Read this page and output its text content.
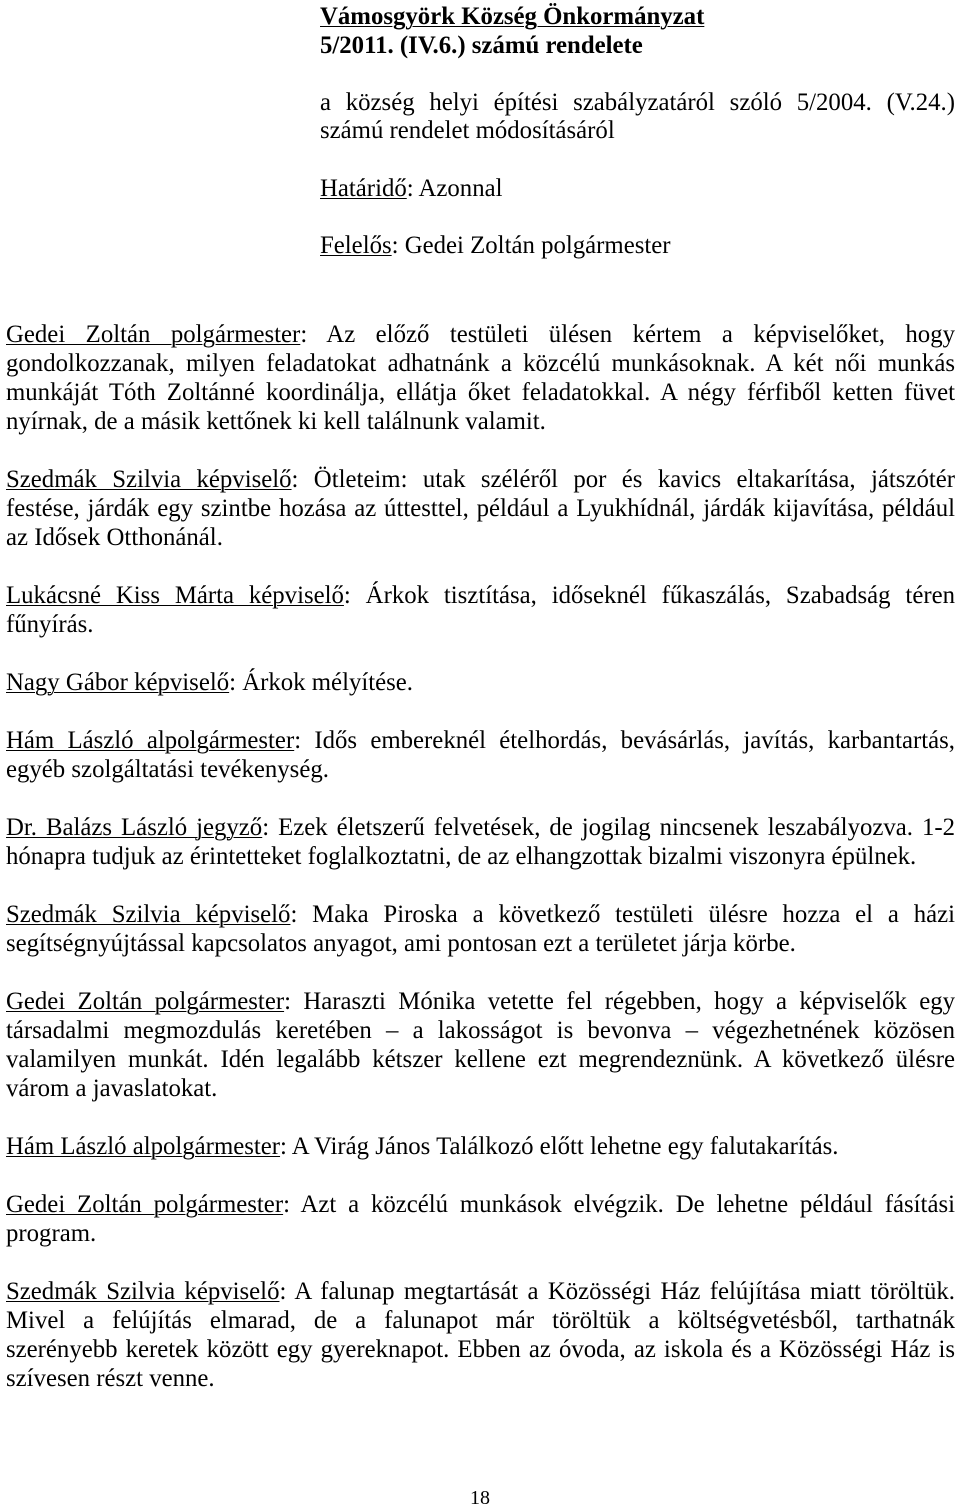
Vámosgyörk Község Önkormányzat
5/2011. (IV.6.) számú rendelete
a község helyi építési szabályzatáról szóló 5/2004. (V.24.)
számú rendelet módosításáról
Határidő: Azonnal
Felelős: Gedei Zoltán polgármester
Gedei Zoltán polgármester: Az előző testületi ülésen kértem a képviselőket, hogy
gondolkozzanak, milyen feladatokat adhatnánk a közcélú munkásoknak. A két női munkás
munkáját Tóth Zoltánné koordinálja, ellátja őket feladatokkal. A négy férfiből ketten füvet
nyírnak, de a másik kettőnek ki kell találnunk valamit.
Szedmák Szilvia képviselő: Ötleteim: utak széléről por és kavics eltakarítása, játszótér
festése, járdák egy szintbe hozása az úttesttel, például a Lyukhídnál, járdák kijavítása, például
az Idősek Otthonánál.
Lukácsné Kiss Márta képviselő: Árkok tisztítása, időseknél fűkaszálás, Szabadság téren
fűnyírás.
Nagy Gábor képviselő: Árkok mélyítése.
Hám László alpolgármester: Idős embereknél ételhordás, bevásárlás, javítás, karbantartás,
egyéb szolgáltatási tevékenység.
Dr. Balázs László jegyző: Ezek életszerű felvetések, de jogilag nincsenek leszabályozva. 1-2
hónapra tudjuk az érintetteket foglalkoztatni, de az elhangzottak bizalmi viszonyra épülnek.
Szedmák Szilvia képviselő: Maka Piroska a következő testületi ülésre hozza el a házi
segítségnyújtással kapcsolatos anyagot, ami pontosan ezt a területet járja körbe.
Gedei Zoltán polgármester: Haraszti Mónika vetette fel régebben, hogy a képviselők egy
társadalmi megmozdulás keretében – a lakosságot is bevonva – végezhetnének közösen
valamilyen munkát. Idén legalább kétszer kellene ezt megrendeznünk. A következő ülésre
várom a javaslatokat.
Hám László alpolgármester: A Virág János Találkozó előtt lehetne egy falutakarítás.
Gedei Zoltán polgármester: Azt a közcélú munkások elvégzik. De lehetne például fásítási
program.
Szedmák Szilvia képviselő: A falunap megtartását a Közösségi Ház felújítása miatt töröltük.
Mivel a felújítás elmarad, de a falunapot már töröltük a költségvetésből, tarthatnák
szerényebb keretek között egy gyereknapot. Ebben az óvoda, az iskola és a Közösségi Ház is
szívesen részt venne.
18
